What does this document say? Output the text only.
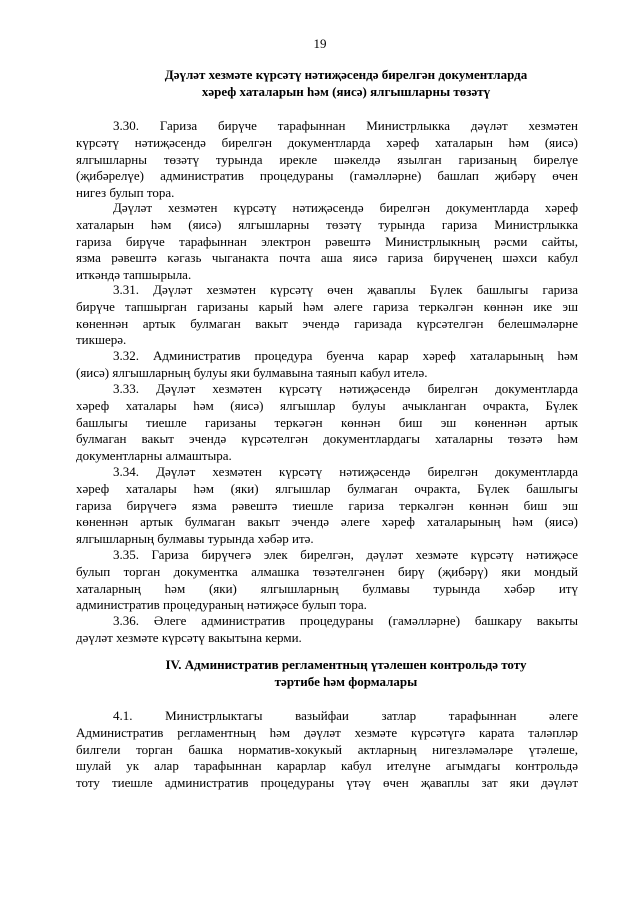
19
Дәүләт хезмәте күрсәтү нәтиҗәсендә бирелгән документларда
хәреф хаталарын һәм (яисә) ялгышларны төзәтү
3.30. Гариза бирүче тарафыннан Министрлыкка дәүләт хезмәтен
күрсәтү нәтиҗәсендә бирелгән документларда хәреф хаталарын һәм (яисә)
ялгышларны төзәтү турында иреклe шәкелдә язылган гаризаның бирелүе
(җибәрелүе) административ процедураны (гамәлләрне) башлап җибәрү өчен
нигез булып тора.
Дәүләт хезмәтен күрсәтү нәтиҗәсендә бирелгән документларда хәреф
хаталарын һәм (яисә) ялгышларны төзәтү турында гариза Министрлыкка
гариза бирүче тарафыннан электрон рәвештә Министрлыкның рәсми сайты,
язма рәвештә кәгазь чыганакта почта аша яисә гариза бирүченең шәхси кабул
иткәндә тапшырыла.
3.31. Дәүләт хезмәтен күрсәтү өчен җаваплы Бүлек башлыгы гариза
бирүче тапшырган гаризаны карый һәм әлеге гариза теркәлгән көннән ике эш
көненнән артык булмаган вакыт эчендә гаризада күрсәтелгән белешмәләрне
тикшерә.
3.32. Административ процедура буенча карар хәреф хаталарының һәм
(яисә) ялгышларның булуы яки булмавына таянып кабул ителә.
3.33. Дәүләт хезмәтен күрсәтү нәтиҗәсендә бирелгән документларда
хәреф хаталары һәм (яисә) ялгышлар булуы ачыкланган очракта, Бүлек
башлыгы тиешле гаризаны теркәгән көннән биш эш көненнән артык
булмаган вакыт эчендә күрсәтелгән документлардагы хаталарны төзәтә һәм
документларны алмаштыра.
3.34. Дәүләт хезмәтен күрсәтү нәтиҗәсендә бирелгән документларда
хәреф хаталары һәм (яки) ялгышлар булмаган очракта, Бүлек башлыгы
гариза бирүчегә язма рәвештә тиешле гариза теркәлгән көннән биш эш
көненнән артык булмаган вакыт эчендә әлеге хәреф хаталарының һәм (яисә)
ялгышларның булмавы турында хәбәр итә.
3.35. Гариза бирүчегә элек бирелгән, дәүләт хезмәте күрсәтү нәтиҗәсе
булып торган документка алмашка төзәтелгәнен бирү (җибәрү) яки мондый
хаталарның һәм (яки) ялгышларның булмавы турында хәбәр итү
административ процедураның нәтиҗәсе булып тора.
3.36. Әлеге административ процедураны (гамәлләрне) башкару вакыты
дәүләт хезмәте күрсәтү вакытына керми.
IV. Административ регламентның үтәлешен контрольдә тоту
тәртибе һәм формалары
4.1. Министрлыктагы вазыйфаи затлар тарафыннан әлеге
Административ регламентның һәм дәүләт хезмәте күрсәтүгә карата таләпләр
билгели торган башка норматив-хокукый актларның нигезләмәләре үтәлеше,
шулай ук алар тарафыннан карарлар кабул ителүне агымдагы контрольдә
тоту тиешле административ процедураны үтәү өчен җаваплы зат яки дәүләт
